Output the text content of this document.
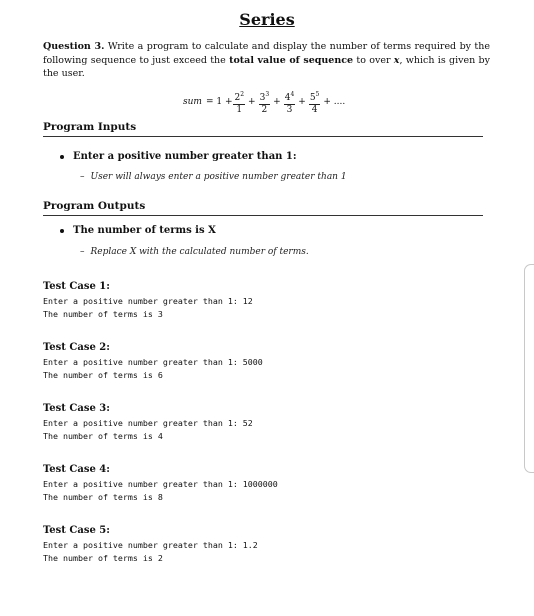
Series
Question 3. Write a program to calculate and display the number of terms required by the following sequence to just exceed the total value of sequence to over x, which is given by the user.
sum = $1 + \frac{2^2}{1} + \frac{3^3}{2} + \frac{4^4}{3} + \frac{5^5}{4}$ + ....
Program Inputs
Enter a positive number greater than 1:
– User will always enter a positive number greater than 1
Program Outputs
The number of terms is X
– Replace X with the calculated number of terms.
Test Case 1:
Enter a positive number greater than 1: 12
The number of terms is 3
Test Case 2:
Enter a positive number greater than 1: 5000
The number of terms is 6
Test Case 3:
Enter a positive number greater than 1: 52
The number of terms is 4
Test Case 4:
Enter a positive number greater than 1: 1000000
The number of terms is 8
Test Case 5:
Enter a positive number greater than 1: 1.2
The number of terms is 2
